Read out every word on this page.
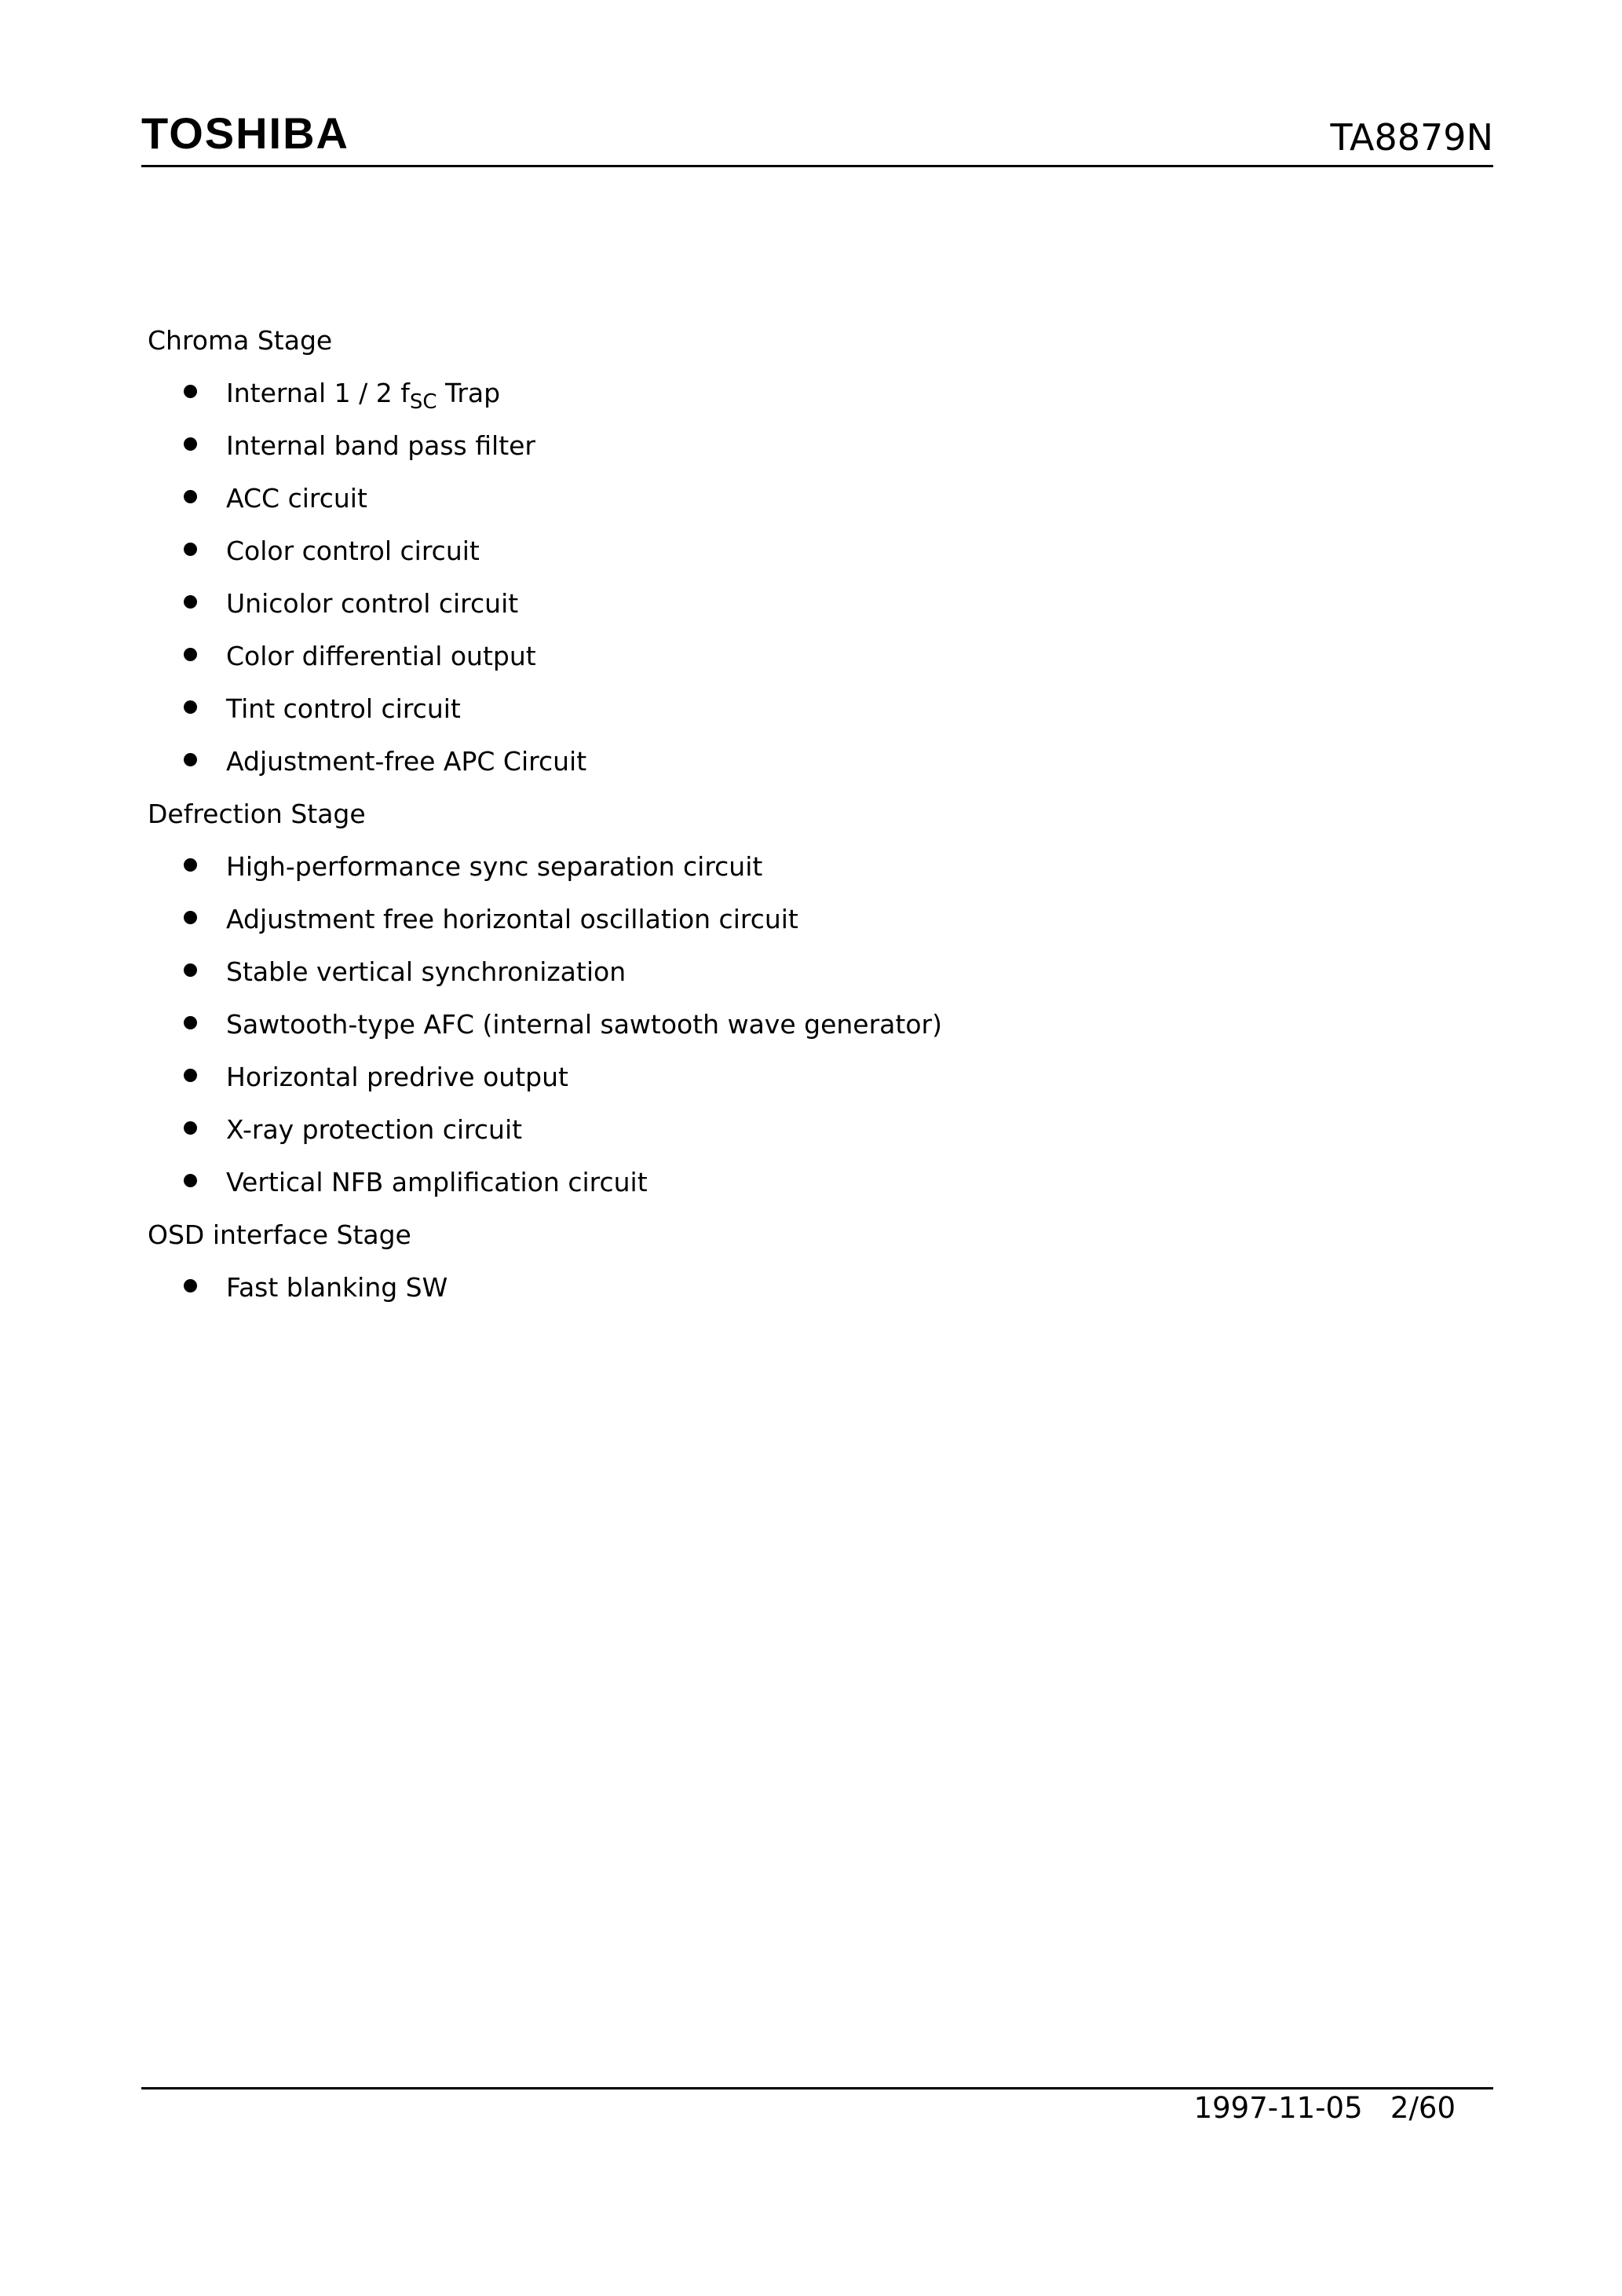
TOSHIBA	TA8879N
Chroma Stage
Internal 1 / 2 $f_{SC}$ Trap
Internal band pass filter
ACC circuit
Color control circuit
Unicolor control circuit
Color differential output
Tint control circuit
Adjustment-free APC Circuit
Defrection Stage
High-performance sync separation circuit
Adjustment free horizontal oscillation circuit
Stable vertical synchronization
Sawtooth-type AFC (internal sawtooth wave generator)
Horizontal predrive output
X-ray protection circuit
Vertical NFB amplification circuit
OSD interface Stage
Fast blanking SW
1997-11-05 2/60
